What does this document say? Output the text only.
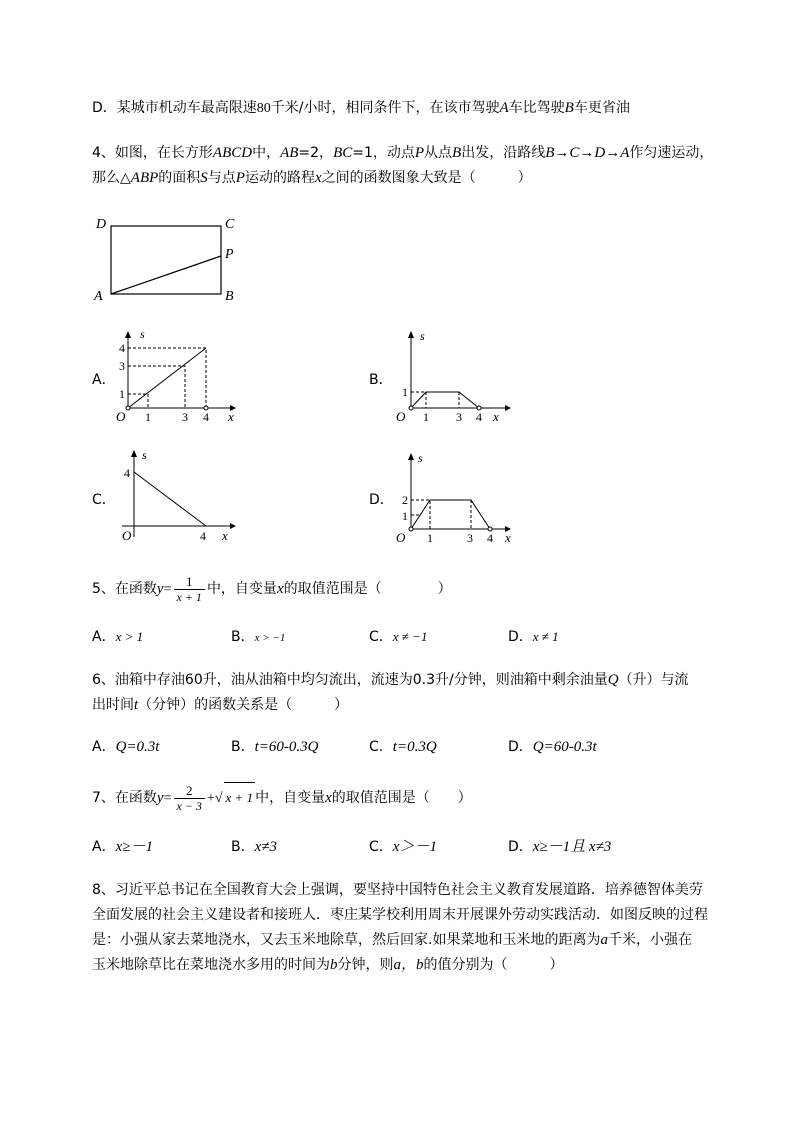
D．某城市机动车最高限速80千米/小时，相同条件下，在该市驾驶A车比驾驶B车更省油
4、如图，在长方形ABCD中，AB=2，BC=1，动点P从点B出发，沿路线B→C→D→A作匀速运动，
那么△ABP的面积S与点P运动的路程x之间的函数图象大致是（　　　）
D	C
P
A	B
A．
s
x
O 1	3 4
1
3
4
B．
s
x
O 1 3 4
1
C．
s
x
O	4
4
D．
s
x
O 1	3 4
2
1
5、在函数$y= \frac{1}{x + 1}$ 中，自变量x的取值范围是（　　　　）
A．x > 1	B．x > −1	C．x ≠ −1	D．x ≠ 1
6、油箱中存油60升，油从油箱中均匀流出，流速为0.3升/分钟，则油箱中剩余油量Q（升）与流
出时间t（分钟）的函数关系是（　　　）
A．Q=0.3t	B．t=60-0.3Q	C．t=0.3Q	D．Q=60-0.3t
7、在函数$y= \frac{2}{x - 3}$ +√ x + 1 中，自变量x的取值范围是（　　）
A．x≥－1	B．x≠3	C．x＞－1	D．x≥－1且 x≠3
8、习近平总书记在全国教育大会上强调，要坚持中国特色社会主义教育发展道路．培养德智体美劳
全面发展的社会主义建设者和接班人．枣庄某学校利用周末开展课外劳动实践活动．如图反映的过程
是：小强从家去菜地浇水，又去玉米地除草，然后回家.如果菜地和玉米地的距离为a千米，小强在
玉米地除草比在菜地浇水多用的时间为b分钟，则a，b的值分别为（　　　）
